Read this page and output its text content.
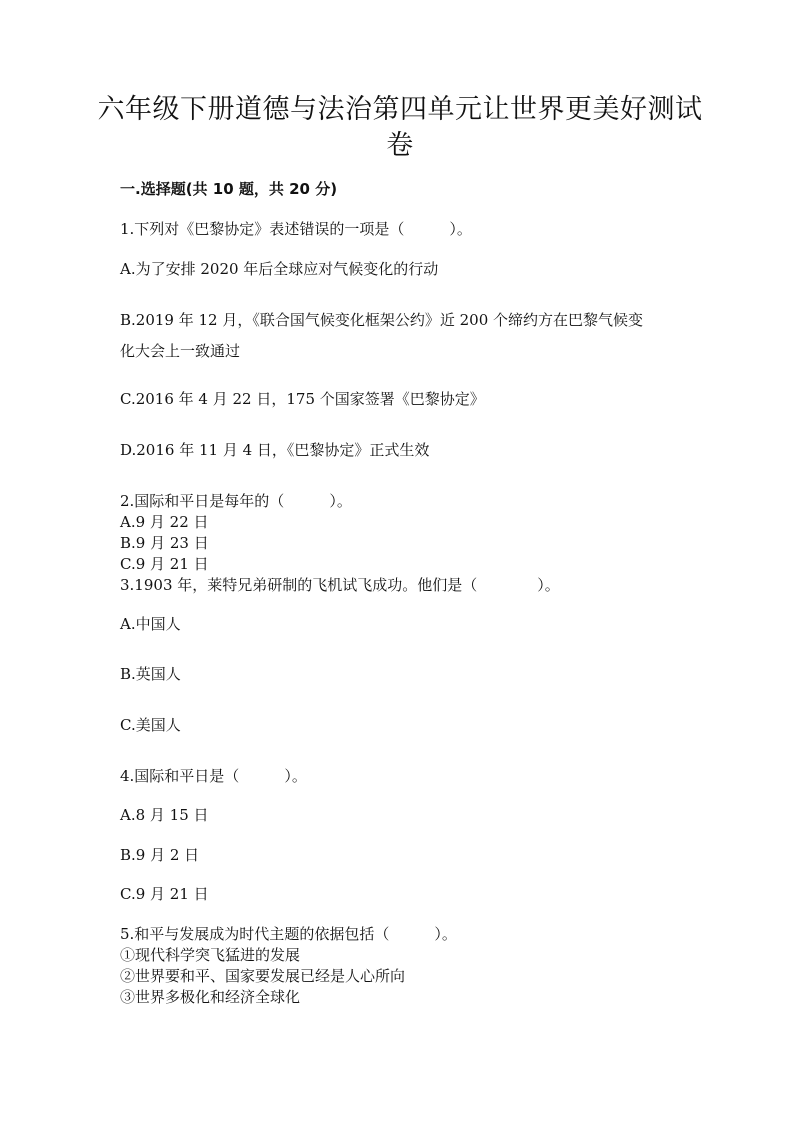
六年级下册道德与法治第四单元让世界更美好测试
卷
一.选择题(共 10 题，共 20 分)
1.下列对《巴黎协定》表述错误的一项是（　　　）。
A.为了安排 2020 年后全球应对气候变化的行动
B.2019 年 12 月，《联合国气候变化框架公约》近 200 个缔约方在巴黎气候变
化大会上一致通过
C.2016 年 4 月 22 日，175 个国家签署《巴黎协定》
D.2016 年 11 月 4 日，《巴黎协定》正式生效
2.国际和平日是每年的（　　　）。
A.9 月 22 日
B.9 月 23 日
C.9 月 21 日
3.1903 年，莱特兄弟研制的飞机试飞成功。他们是（　　　　）。
A.中国人
B.英国人
C.美国人
4.国际和平日是（　　　）。
A.8 月 15 日
B.9 月 2 日
C.9 月 21 日
5.和平与发展成为时代主题的依据包括（　　　）。
①现代科学突飞猛进的发展
②世界要和平、国家要发展已经是人心所向
③世界多极化和经济全球化
